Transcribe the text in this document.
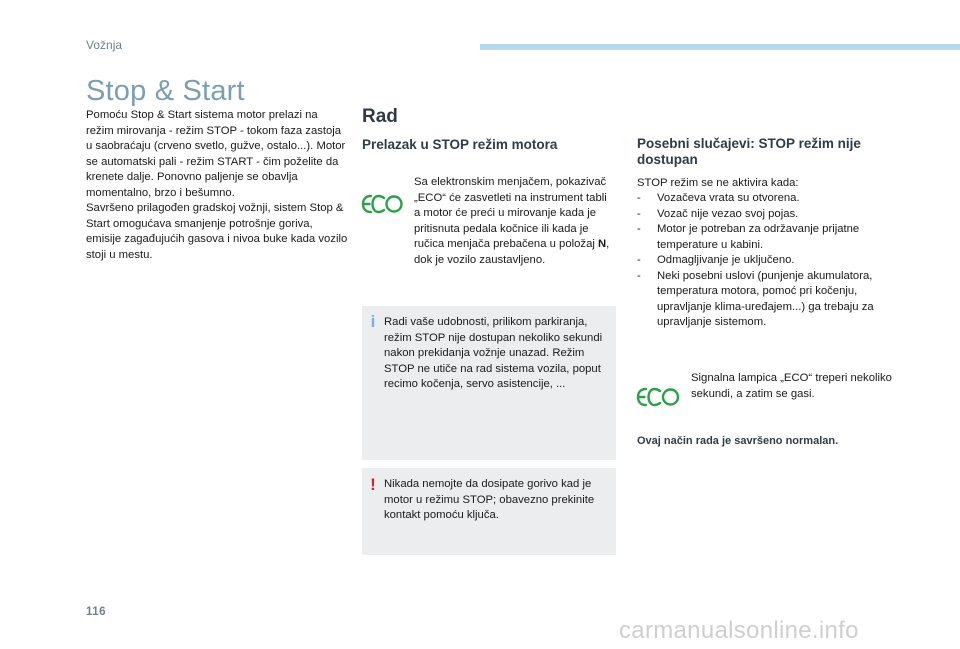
Vožnja
Stop & Start

Pomoću Stop & Start sistema motor prelazi na režim mirovanja - režim STOP - tokom faza zastoja u saobraćaju (crveno svetlo, gužve, ostalo...). Motor se automatski pali - režim START - čim poželite da krenete dalje. Ponovno paljenje se obavlja momentalno, brzo i bešumno.

Savršeno prilagođen gradskoj vožnji, sistem Stop & Start omogućava smanjenje potrošnje goriva, emisije zagađujućih gasova i nivoa buke kada vozilo stoji u mestu.

Rad
Prelazak u STOP režim motora
Sa elektronskim menjačem, pokazivač „ECO“ će zasvetleti na instrument tabli a motor će preći u mirovanje kada je pritisnuta pedala kočnice ili kada je ručica menjača prebačena u položaj N, dok je vozilo zaustavljeno.
i Radi vaše udobnosti, prilikom parkiranja, režim STOP nije dostupan nekoliko sekundi nakon prekidanja vožnje unazad. Režim STOP ne utiče na rad sistema vozila, poput recimo kočenja, servo asistencije, ...
! Nikada nemojte da dosipate gorivo kad je motor u režimu STOP; obavezno prekinite kontakt pomoću ključa.
Posebni slučajevi: STOP režim nije dostupan
STOP režim se ne aktivira kada:
- Vozačeva vrata su otvorena.
- Vozač nije vezao svoj pojas.
- Motor je potreban za održavanje prijatne temperature u kabini.
- Odmagljivanje je uključeno.
- Neki posebni uslovi (punjenje akumulatora, temperatura motora, pomoć pri kočenju, upravljanje klima-uređajem...) ga trebaju za upravljanje sistemom.
Signalna lampica „ECO“ treperi nekoliko sekundi, a zatim se gasi.
Ovaj način rada je savršeno normalan.
116
carmanualsonline.info
